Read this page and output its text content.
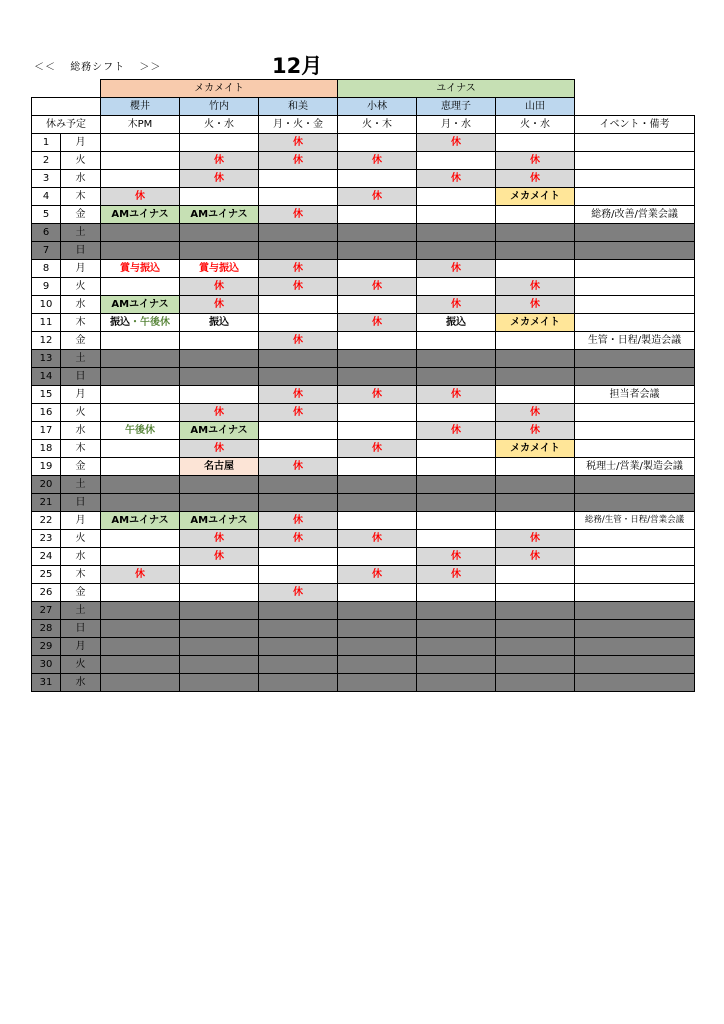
＜＜ 総務シフト ＞＞	12月
		メカメイト			ユイナス			
		櫻井	竹内	和美	小林	恵理子	山田	
休み予定		木PM	火・水	月・火・金	火・木	月・水	火・水	イベント・備考
1	月			休		休		
2	火		休	休	休		休	
3	水		休			休	休	
4	木	休			休		メカメイト	
5	金	AMユイナス	AMユイナス	休				総務/改善/営業会議
6	土							
7	日							
8	月	賞与振込	賞与振込	休		休		
9	火		休	休	休		休	
10	水	AMユイナス	休			休	休	
11	木	振込・午後休	振込		休	振込	メカメイト	
12	金			休				生管・日程/製造会議
13	土							
14	日							
15	月			休	休	休		担当者会議
16	火		休	休			休	
17	水	午後休	AMユイナス			休	休	
18	木		休		休		メカメイト	
19	金		名古屋	休				税理士/営業/製造会議
20	土							
21	日							
22	月	AMユイナス	AMユイナス	休				総務/生管・日程/営業会議
23	火		休	休	休		休	
24	水		休			休	休	
25	木	休			休	休		
26	金			休				
27	土							
28	日							
29	月							
30	火							
31	水							
